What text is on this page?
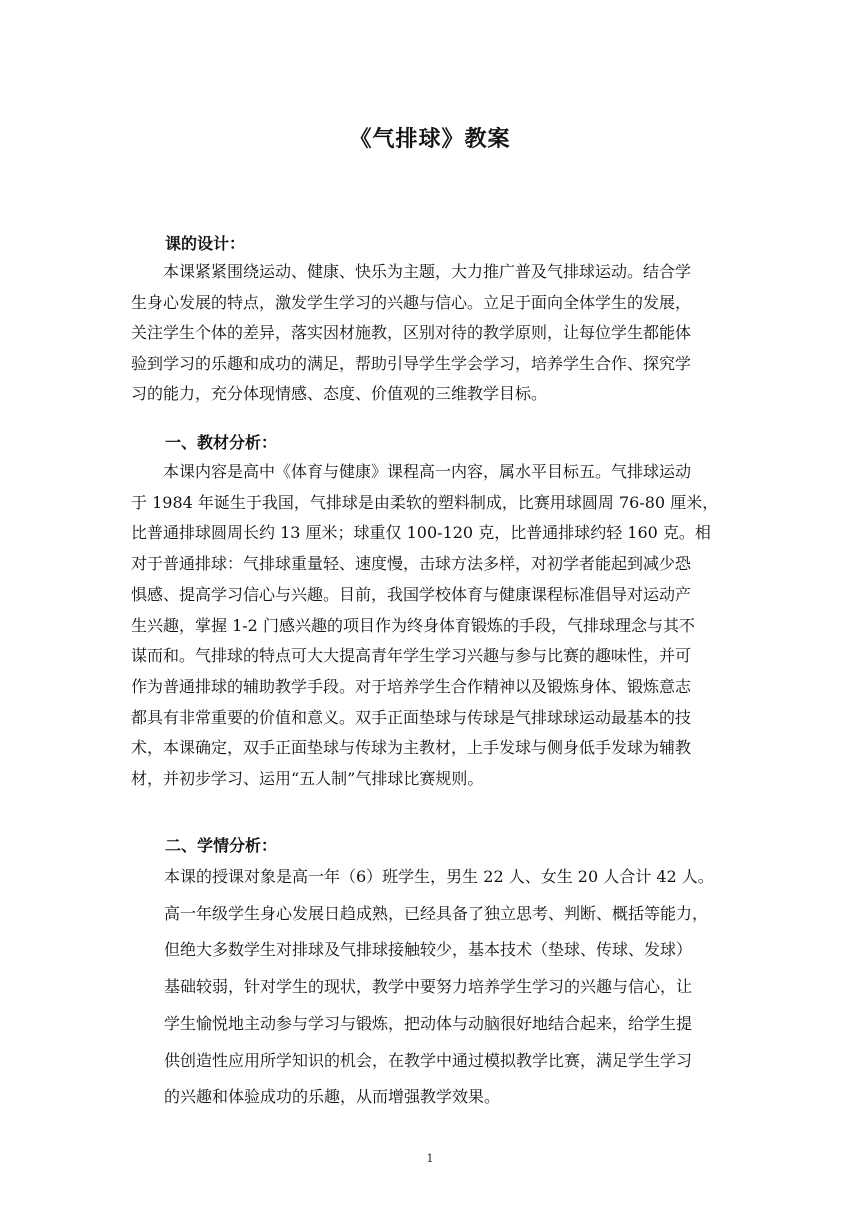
《气排球》教案
课的设计：

　　本课紧紧围绕运动、健康、快乐为主题，大力推广普及气排球运动。结合学

生身心发展的特点，激发学生学习的兴趣与信心。立足于面向全体学生的发展，

关注学生个体的差异，落实因材施教，区别对待的教学原则，让每位学生都能体

验到学习的乐趣和成功的满足，帮助引导学生学会学习，培养学生合作、探究学

习的能力，充分体现情感、态度、价值观的三维教学目标。

一、教材分析：

　　本课内容是高中《体育与健康》课程高一内容，属水平目标五。气排球运动

于 1984 年诞生于我国，气排球是由柔软的塑料制成，比赛用球圆周 76-80 厘米，

比普通排球圆周长约 13 厘米；球重仅 100-120 克，比普通排球约轻 160 克。相

对于普通排球：气排球重量轻、速度慢，击球方法多样，对初学者能起到减少恐

惧感、提高学习信心与兴趣。目前，我国学校体育与健康课程标准倡导对运动产

生兴趣，掌握 1-2 门感兴趣的项目作为终身体育锻炼的手段，气排球理念与其不

谋而和。气排球的特点可大大提高青年学生学习兴趣与参与比赛的趣味性，并可

作为普通排球的辅助教学手段。对于培养学生合作精神以及锻炼身体、锻炼意志

都具有非常重要的价值和意义。双手正面垫球与传球是气排球球运动最基本的技

术，本课确定，双手正面垫球与传球为主教材，上手发球与侧身低手发球为辅教

材，并初步学习、运用“五人制”气排球比赛规则。

二、学情分析：

本课的授课对象是高一年（6）班学生，男生 22 人、女生 20 人合计 42 人。

高一年级学生身心发展日趋成熟，已经具备了独立思考、判断、概括等能力，

但绝大多数学生对排球及气排球接触较少，基本技术（垫球、传球、发球）

基础较弱，针对学生的现状，教学中要努力培养学生学习的兴趣与信心，让

学生愉悦地主动参与学习与锻炼，把动体与动脑很好地结合起来，给学生提

供创造性应用所学知识的机会，在教学中通过模拟教学比赛，满足学生学习

的兴趣和体验成功的乐趣，从而增强教学效果。

1
